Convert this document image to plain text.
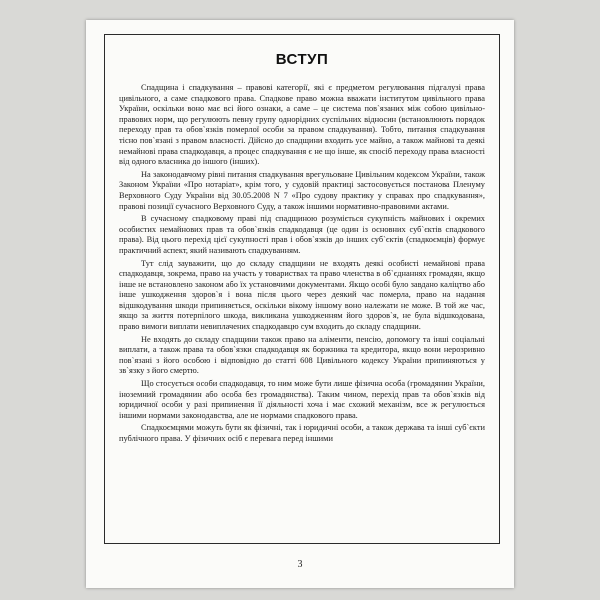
ВСТУП

Спадщина і спадкування – правові категорії, які є предметом регулювання підгалузі права цивільного, а саме спадкового права. Спадкове право можна вважати інститутом цивільного права України, оскільки воно має всі його ознаки, а саме – це система пов`язаних між собою цивільно-правових норм, що регулюють певну групу однорідних суспільних відносин (встановлюють порядок переходу прав та обов`язків померлої особи за правом спадкування). Тобто, питання спадкування тісно пов`язані з правом власності. Дійсно до спадщини входить усе майно, а також майнові та деякі немайнові права спадкодавця, а процес спадкування є не що інше, як спосіб переходу права власності від одного власника до іншого (інших).

На законодавчому рівні питання спадкування врегульоване Цивільним кодексом України, також Законом України «Про нотаріат», крім того, у судовій практиці застосовується постанова Пленуму Верховного Суду України від 30.05.2008 N 7 «Про судову практику у справах про спадкування», правові позиції сучасного Верховного Суду, а також іншими нормативно-правовими актами.

В сучасному спадковому праві під спадщиною розуміється сукупність майнових і окремих особистих немайнових прав та обов`язків спадкодавця (це один із основних суб`єктів спадкового права). Від цього перехід цієї сукупності прав і обов`язків до інших суб`єктів (спадкоємців) формує практичний аспект, який називають спадкуванням.

Тут слід зауважити, що до складу спадщини не входять деякі особисті немайнові права спадкодавця, зокрема, право на участь у товариствах та право членства в об`єднаннях громадян, якщо інше не встановлено законом або їх установчими документами. Якщо особі було завдано каліцтво або інше ушкодження здоров`я і вона після цього через деякий час померла, право на надання відшкодування шкоди припиняється, оскільки вікому іншому воно належати не може. В той же час, якщо за життя потерпілого шкода, викликана ушкодженням його здоров`я, не була відшкодована, право вимоги виплати невиплачених спадкодавцю сум входить до складу спадщини.

Не входять до складу спадщини також право на аліменти, пенсію, допомогу та інші соціальні виплати, а також права та обов`язки спадкодавця як боржника та кредитора, якщо вони нерозривно пов`язані з його особою і відповідно до статті 608 Цивільного кодексу України припиняються у зв`язку з його смертю.

Що стосується особи спадкодавця, то ним може бути лише фізична особа (громадянин України, іноземний громадянин або особа без громадянства). Таким чином, перехід прав та обов`язків від юридичної особи у разі припинення її діяльності хоча і має схожий механізм, все ж регулюється іншими нормами законодавства, але не нормами спадкового права.

Спадкоємцями можуть бути як фізичні, так і юридичні особи, а також держава та інші суб`єкти публічного права. У фізичних осіб є перевага перед іншими

3
